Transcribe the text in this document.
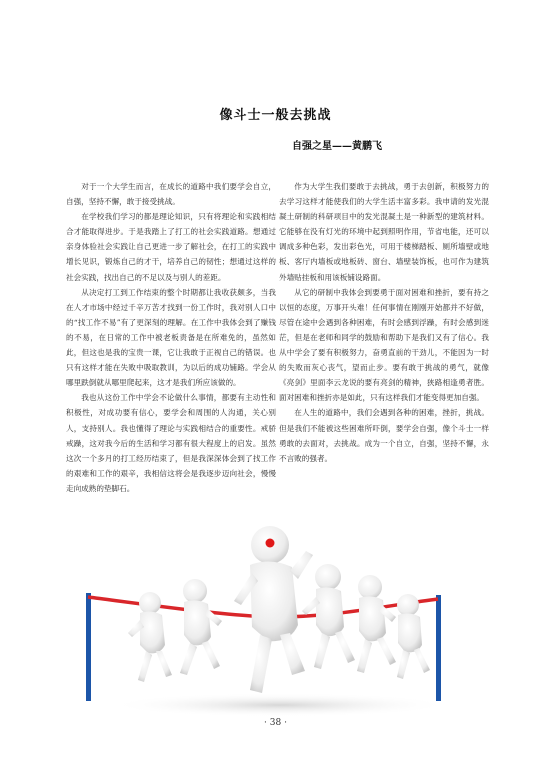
像斗士一般去挑战
自强之星——黄鹏飞

对于一个大学生而言，在成长的道路中我们要学会自立，自强，坚持不懈，敢于接受挑战。

在学校我们学习的都是理论知识，只有将理论和实践相结合才能取得进步。于是我踏上了打工的社会实践道路。想通过亲身体验社会实践让自己更进一步了解社会，在打工的实践中增长见识，锻炼自己的才干，培养自己的韧性；想通过这样的社会实践，找出自己的不足以及与别人的差距。

从决定打工到工作结束的整个时期都让我收获颇多，当我在人才市场中经过千辛万苦才找到一份工作时，我对别人口中的“找工作不易”有了更深刻的理解。在工作中我体会到了赚钱的不易，在日常的工作中被老板责备是在所难免的，虽然如此，但这也是我的宝贵一课，它让我敢于正视自己的错误。也只有这样才能在失败中吸取教训，为以后的成功铺路。学会从哪里跌倒就从哪里爬起来，这才是我们所应该做的。

我也从这份工作中学会不论做什么事情，都要有主动性和积极性，对成功要有信心，要学会和周围的人沟通，关心别人，支持别人。我也懂得了理论与实践相结合的重要性。戒骄戒躁，这对我今后的生活和学习都有很大程度上的启发。虽然这次一个多月的打工经历结束了，但是我深深体会到了找工作的艰难和工作的艰辛，我相信这将会是我逐步迈向社会，慢慢走向成熟的垫脚石。

作为大学生我们要敢于去挑战，勇于去创新，积极努力的去学习这样才能使我们的大学生活丰富多彩。我申请的发光混凝土研制的科研项目中的发光混凝土是一种新型的建筑材料。它能够在没有灯光的环境中起到照明作用，节省电能，还可以调成多种色彩，发出彩色光，可用于楼梯踏板、厕所墙壁或地板、客厅内墙板或地板砖、窗台、墙壁装饰板，也可作为建筑外墙贴挂板和用该板铺设路面。

从它的研制中我体会到要勇于面对困难和挫折，要有持之以恒的态度，万事开头难！任何事情在刚刚开始都并不好做，尽管在途中会遇到各种困难，有时会感到浮躁，有时会感到迷茫，但是在老师和同学的鼓励和帮助下是我们又有了信心。我从中学会了要有积极努力，奋勇直前的干劲儿，不能因为一时的失败而灰心丧气，望而止步。要有敢于挑战的勇气，就像《亮剑》里面李云龙说的要有亮剑的精神，狭路相逢勇者胜。面对困难和挫折亦是如此，只有这样我们才能变得更加自强。

在人生的道路中，我们会遇到各种的困难，挫折，挑战。但是我们不能被这些困难所吓倒，要学会自强，像个斗士一样勇敢的去面对，去挑战。成为一个自立，自强，坚持不懈，永不言败的强者。

· 38 ·
